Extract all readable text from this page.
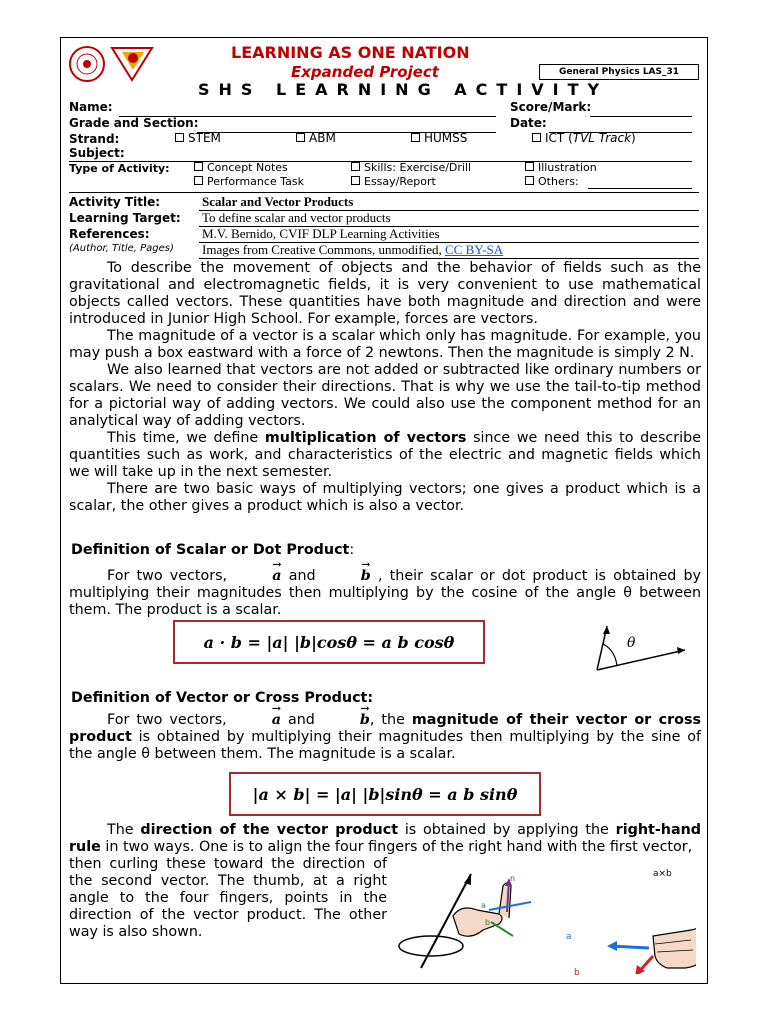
LEARNING AS ONE NATION
Expanded Project	General Physics LAS_31
SHS LEARNING ACTIVITY
Name:	Score/Mark:
Grade and Section:	Date:
Strand:	STEM	ABM	HUMSS	ICT (TVL Track)
Subject:
Type of Activity:	Concept Notes	Skills: Exercise/Drill	Illustration
Performance Task	Essay/Report	Others:
Activity Title:	Scalar and Vector Products
Learning Target: To define scalar and vector products
References:	M.V. Bernido, CVIF DLP Learning Activities
(Author, Title, Pages) Images from Creative Commons, unmodified, CC BY-SA

To describe the movement of objects and the behavior of fields such as the gravitational and electromagnetic fields, it is very convenient to use mathematical objects called vectors. These quantities have both magnitude and direction and were introduced in Junior High School. For example, forces are vectors.

The magnitude of a vector is a scalar which only has magnitude. For example, you may push a box eastward with a force of 2 newtons. Then the magnitude is simply 2 N.

We also learned that vectors are not added or subtracted like ordinary numbers or scalars. We need to consider their directions. That is why we use the tail-to-tip method for a pictorial way of adding vectors. We could also use the component method for an analytical way of adding vectors.

This time, we define multiplication of vectors since we need this to describe quantities such as work, and characteristics of the electric and magnetic fields which we will take up in the next semester.

There are two basic ways of multiplying vectors; one gives a product which is a scalar, the other gives a product which is also a vector.

Definition of Scalar or Dot Product:

For two vectors,	a → and	b → , their scalar or dot product is obtained by multiplying their magnitudes then multiplying by the cosine of the angle θ between them. The product is a scalar.

a · b = |a| |b|cosθ = a b cosθ	θ
Definition of Vector or Cross Product:

For two vectors,	a → and	b →, the magnitude of their vector or cross product is obtained by multiplying their magnitudes then multiplying by the sine of the angle θ between them. The magnitude is a scalar.

|a × b| = |a| |b|sinθ = a b sinθ

The direction of the vector product is obtained by applying the right-hand rule in two ways. One is to align the four fingers of the right hand with the first vector,

n
a
b
a×b
a
b

then curling these toward the direction of the second vector. The thumb, at a right angle to the four fingers, points in the direction of the vector product. The other way is also shown.
